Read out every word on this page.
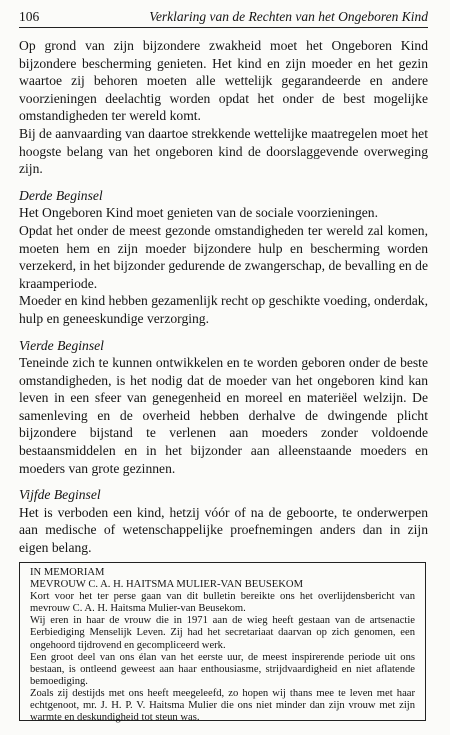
106	Verklaring van de Rechten van het Ongeboren Kind

Op grond van zijn bijzondere zwakheid moet het Ongeboren Kind bijzondere bescherming genieten. Het kind en zijn moeder en het gezin waartoe zij behoren moeten alle wettelijk gegarandeerde en andere voorzieningen deelachtig worden opdat het onder de best mogelijke omstandigheden ter wereld komt.

Bij de aanvaarding van daartoe strekkende wettelijke maatregelen moet het hoogste belang van het ongeboren kind de doorslaggevende overweging zijn.

Derde Beginsel

Het Ongeboren Kind moet genieten van de sociale voorzieningen.

Opdat het onder de meest gezonde omstandigheden ter wereld zal komen, moeten hem en zijn moeder bijzondere hulp en bescherming worden verzekerd, in het bijzonder gedurende de zwangerschap, de bevalling en de kraamperiode.

Moeder en kind hebben gezamenlijk recht op geschikte voeding, onderdak, hulp en geneeskundige verzorging.

Vierde Beginsel

Teneinde zich te kunnen ontwikkelen en te worden geboren onder de beste omstandigheden, is het nodig dat de moeder van het ongeboren kind kan leven in een sfeer van genegenheid en moreel en materiëel welzijn. De samenleving en de overheid hebben derhalve de dwingende plicht bijzondere bijstand te verlenen aan moeders zonder voldoende bestaansmiddelen en in het bijzonder aan alleenstaande moeders en moeders van grote gezinnen.

Vijfde Beginsel

Het is verboden een kind, hetzij vóór of na de geboorte, te onderwerpen aan medische of wetenschappelijke proefnemingen anders dan in zijn eigen belang.

IN MEMORIAM

MEVROUW C. A. H. HAITSMA MULIER-VAN BEUSEKOM

Kort voor het ter perse gaan van dit bulletin bereikte ons het overlijdensbericht van mevrouw C. A. H. Haitsma Mulier-van Beusekom.

Wij eren in haar de vrouw die in 1971 aan de wieg heeft gestaan van de artsenactie Eerbiediging Menselijk Leven. Zij had het secretariaat daarvan op zich genomen, een ongehoord tijdrovend en gecompliceerd werk.

Een groot deel van ons élan van het eerste uur, de meest inspirerende periode uit ons bestaan, is ontleend geweest aan haar enthousiasme, strijdvaardigheid en niet aflatende bemoediging.

Zoals zij destijds met ons heeft meegeleefd, zo hopen wij thans mee te leven met haar echtgenoot, mr. J. H. P. V. Haitsma Mulier die ons niet minder dan zijn vrouw met zijn warmte en deskundigheid tot steun was.
